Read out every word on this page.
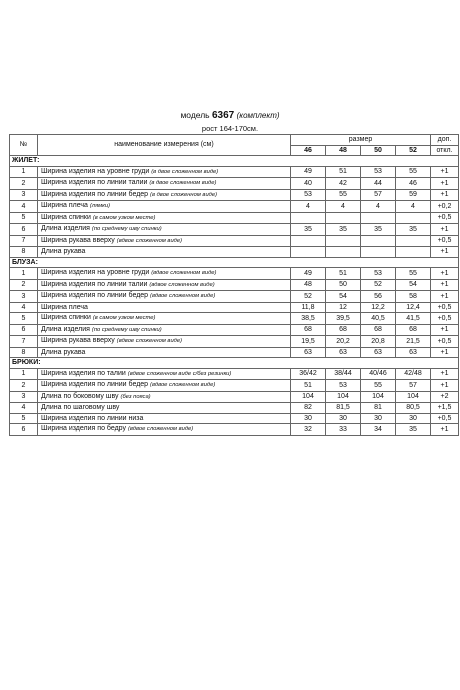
модель 6367 (комплект)
рост 164-170см.
№	наименование измерения (см)	размер				доп.
		46	48	50	52	откл.
ЖИЛЕТ:						
1	Ширина изделия на уровне груди (в двое сложенном виде)	49	51	53	55	+1
2	Ширина изделия по линии талии (в двое сложенном виде)	40	42	44	46	+1
3	Ширина изделия по линии бедер (в двое сложенном виде)	53	55	57	59	+1
4	Ширина плеча (лямки)	4	4	4	4	+0,2
5	Ширина спинки (в самом узком месте)					+0,5
6	Длина изделия (по среднему шву спинки)	35	35	35	35	+1
7	Ширина рукава вверху (вдвое сложенном виде)					+0,5
8	Длина рукава					+1
БЛУЗА:						
1	Ширина изделия на уровне груди (вдвое сложенном виде)	49	51	53	55	+1
2	Ширина изделия по линии талии (вдвое сложенном виде)	48	50	52	54	+1
3	Ширина изделия по линии бедер (вдвое сложенном виде)	52	54	56	58	+1
4	Ширина плеча	11,8	12	12,2	12,4	+0,5
5	Ширина спинки (в самом узком месте)	38,5	39,5	40,5	41,5	+0,5
6	Длина изделия (по среднему шву спинки)	68	68	68	68	+1
7	Ширина рукава вверху (вдвое сложенном виде)	19,5	20,2	20,8	21,5	+0,5
8	Длина рукава	63	63	63	63	+1
БРЮКИ:						
1	Ширина изделия по талии (вдвое сложенном виде с/без резинки)	36/42	38/44	40/46	42/48	+1
2	Ширина изделия по линии бедер (вдвое сложенном виде)	51	53	55	57	+1
3	Длина по боковому шву (без пояса)	104	104	104	104	+2
4	Длина по шаговому шву	82	81,5	81	80,5	+1,5
5	Ширина изделия по линии низа	30	30	30	30	+0,5
6	Ширина изделия по бедру (вдвое сложенном виде)	32	33	34	35	+1
